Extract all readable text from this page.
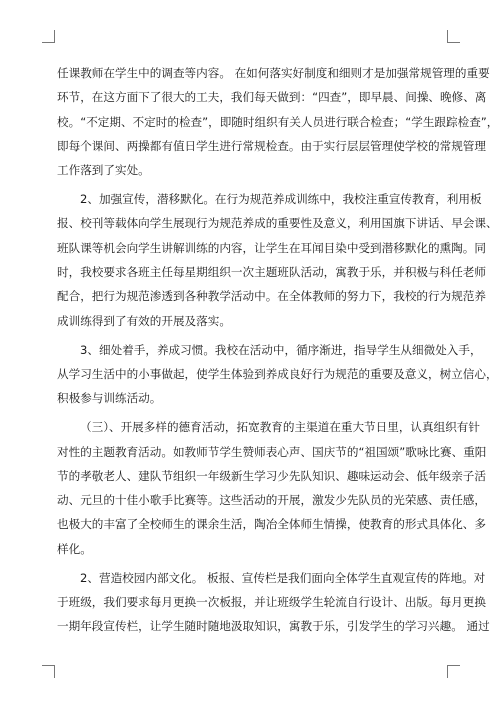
任课教师在学生中的调查等内容。 在如何落实好制度和细则才是加强常规管理的重要
环节，在这方面下了很大的工夫，我们每天做到：“四查”，即早晨、间操、晚修、离
校。“不定期、不定时的检查”，即随时组织有关人员进行联合检查；“学生跟踪检查”，
即每个课间、两操都有值日学生进行常规检查。由于实行层层管理使学校的常规管理
工作落到了实处。
2、加强宣传，潜移默化。在行为规范养成训练中，我校注重宣传教育，利用板
报、校刊等载体向学生展现行为规范养成的重要性及意义，利用国旗下讲话、早会课、
班队课等机会向学生讲解训练的内容，让学生在耳闻目染中受到潜移默化的熏陶。同
时，我校要求各班主任每星期组织一次主题班队活动，寓教于乐，并积极与科任老师
配合，把行为规范渗透到各种教学活动中。在全体教师的努力下，我校的行为规范养
成训练得到了有效的开展及落实。
3、细处着手，养成习惯。我校在活动中，循序渐进，指导学生从细微处入手，
从学习生活中的小事做起，使学生体验到养成良好行为规范的重要及意义，树立信心，
积极参与训练活动。
（三）、开展多样的德育活动，拓宽教育的主渠道在重大节日里，认真组织有针
对性的主题教育活动。如教师节学生赞师表心声、国庆节的“祖国颂”歌咏比赛、重阳
节的孝敬老人、建队节组织一年级新生学习少先队知识、趣味运动会、低年级亲子活
动、元旦的十佳小歌手比赛等。这些活动的开展，激发少先队员的光荣感、责任感，
也极大的丰富了全校师生的课余生活，陶冶全体师生情操，使教育的形式具体化、多
样化。
2、营造校园内部文化。 板报、宣传栏是我们面向全体学生直观宣传的阵地。对
于班级，我们要求每月更换一次板报，并让班级学生轮流自行设计、出版。每月更换
一期年段宣传栏，让学生随时随地汲取知识，寓教于乐，引发学生的学习兴趣。 通过
